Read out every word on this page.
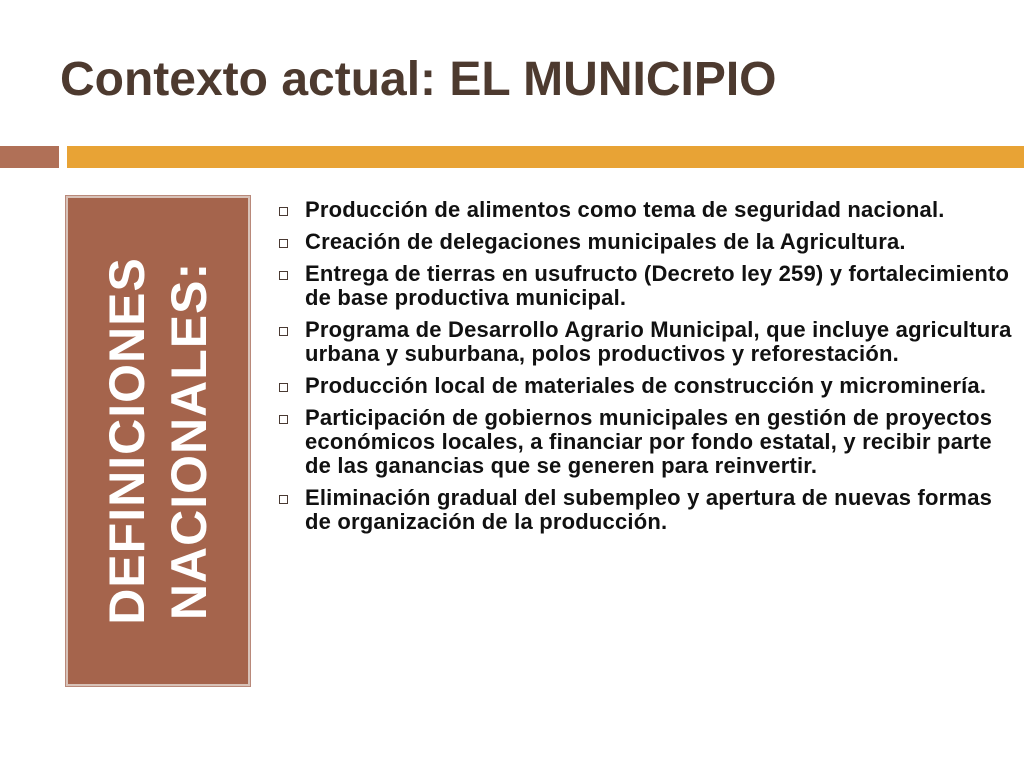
Contexto actual: EL MUNICIPIO
DEFINICIONES NACIONALES:
Producción de alimentos como tema de seguridad nacional.
Creación de delegaciones municipales de la Agricultura.
Entrega de tierras en usufructo (Decreto ley 259) y fortalecimiento de base productiva municipal.
Programa de Desarrollo Agrario Municipal, que incluye agricultura urbana y suburbana, polos productivos y reforestación.
Producción local de materiales de construcción y microminería.
Participación de gobiernos municipales en gestión de proyectos económicos locales, a financiar por fondo estatal, y recibir parte de las ganancias que se generen para reinvertir.
Eliminación gradual del subempleo y apertura de nuevas formas de organización de la producción.
